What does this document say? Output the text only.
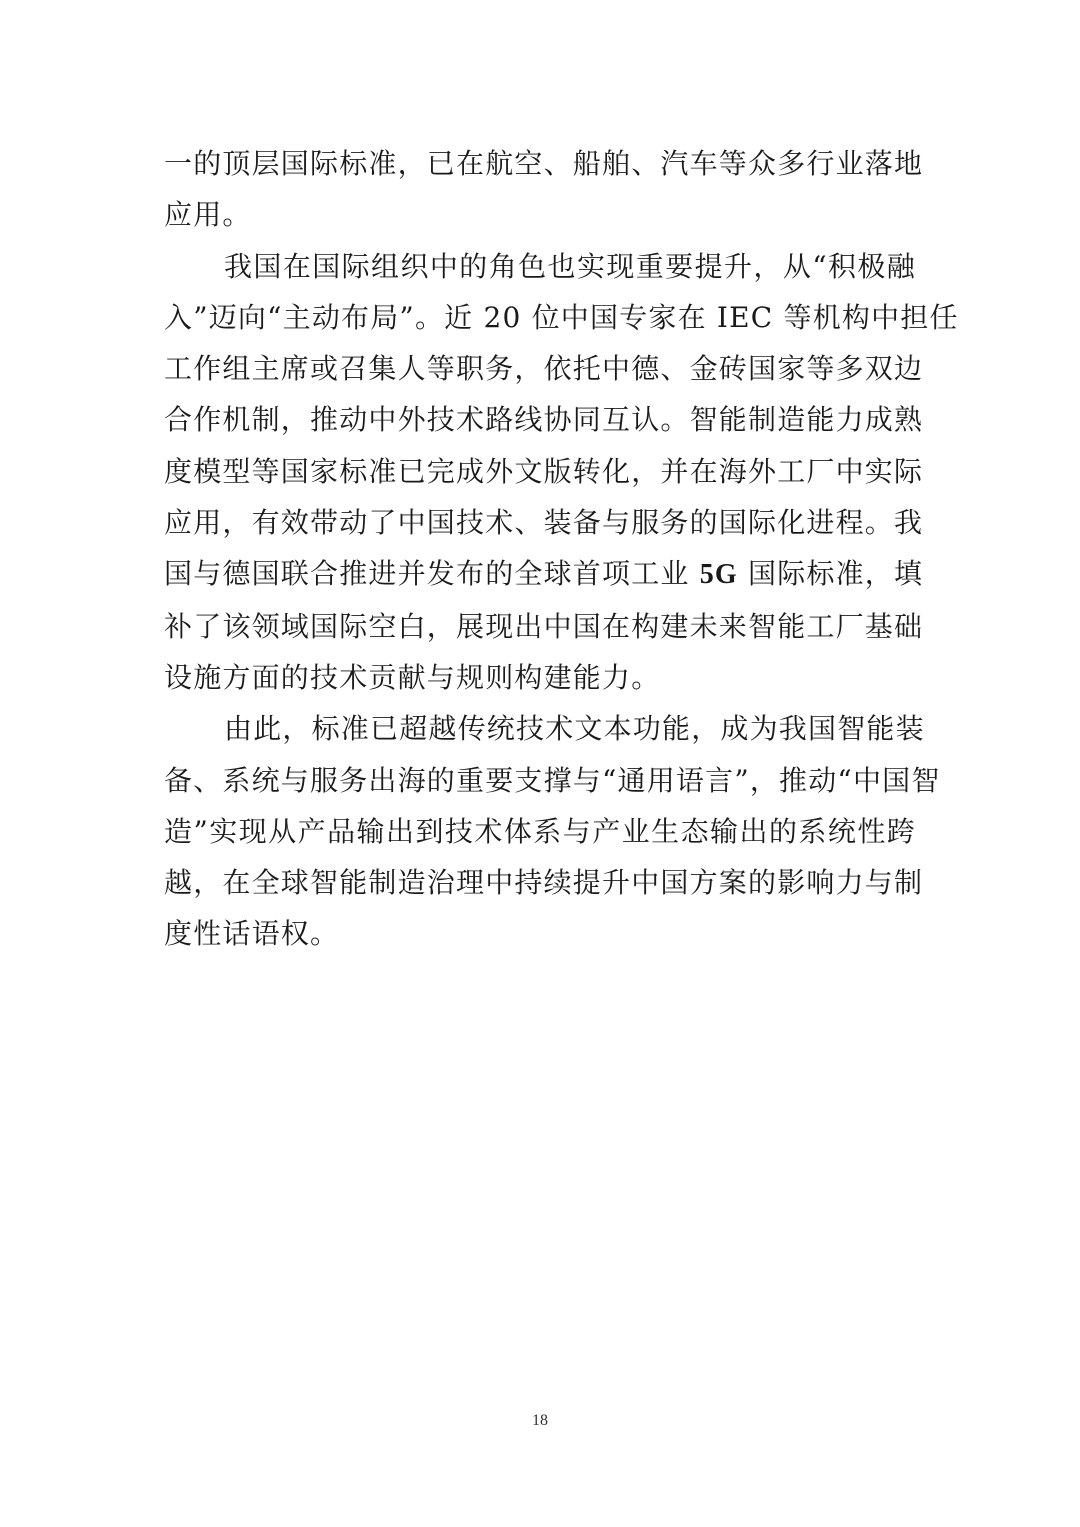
一的顶层国际标准，已在航空、船舶、汽车等众多行业落地
应用。

我国在国际组织中的角色也实现重要提升，从“积极融
入”迈向“主动布局”。近 20 位中国专家在 IEC 等机构中担任
工作组主席或召集人等职务，依托中德、金砖国家等多双边
合作机制，推动中外技术路线协同互认。智能制造能力成熟
度模型等国家标准已完成外文版转化，并在海外工厂中实际
应用，有效带动了中国技术、装备与服务的国际化进程。我
国与德国联合推进并发布的全球首项工业 5G 国际标准，填
补了该领域国际空白，展现出中国在构建未来智能工厂基础
设施方面的技术贡献与规则构建能力。

由此，标准已超越传统技术文本功能，成为我国智能装
备、系统与服务出海的重要支撑与“通用语言”，推动“中国智
造”实现从产品输出到技术体系与产业生态输出的系统性跨
越，在全球智能制造治理中持续提升中国方案的影响力与制
度性话语权。

18
